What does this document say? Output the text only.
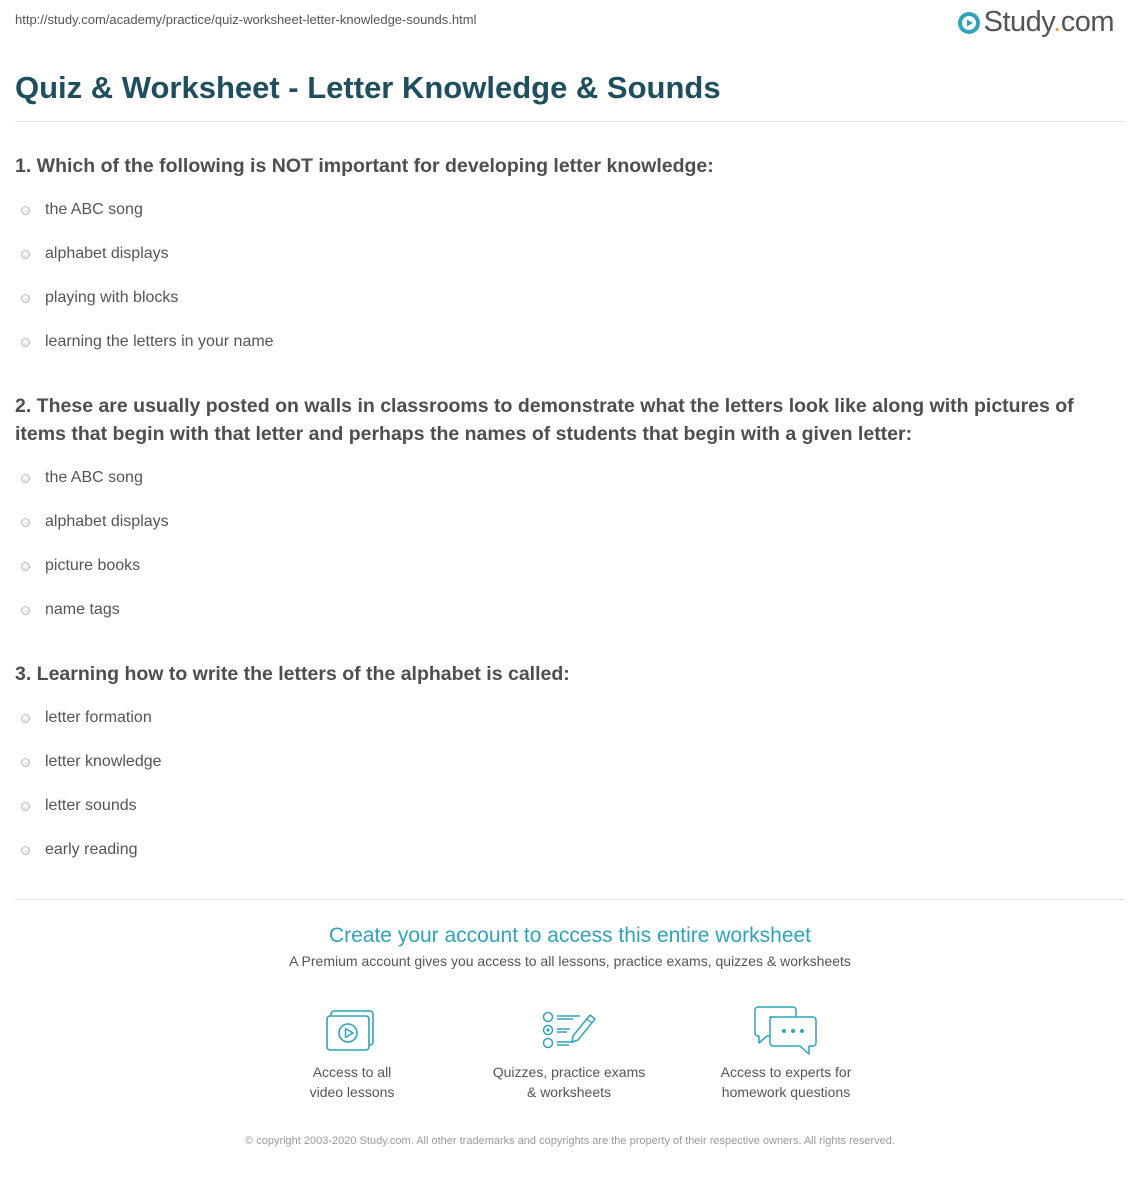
http://study.com/academy/practice/quiz-worksheet-letter-knowledge-sounds.html	Study.com
Quiz & Worksheet - Letter Knowledge & Sounds

1. Which of the following is NOT important for developing letter knowledge:

the ABC song
alphabet displays
playing with blocks
learning the letters in your name

2. These are usually posted on walls in classrooms to demonstrate what the letters look like along with pictures of items that begin with that letter and perhaps the names of students that begin with a given letter:

the ABC song
alphabet displays
picture books
name tags

3. Learning how to write the letters of the alphabet is called:

letter formation
letter knowledge
letter sounds
early reading
Create your account to access this entire worksheet
A Premium account gives you access to all lessons, practice exams, quizzes & worksheets
Access to all
video lessons
Quizzes, practice exams
& worksheets
Access to experts for
homework questions
© copyright 2003-2020 Study.com. All other trademarks and copyrights are the property of their respective owners. All rights reserved.
